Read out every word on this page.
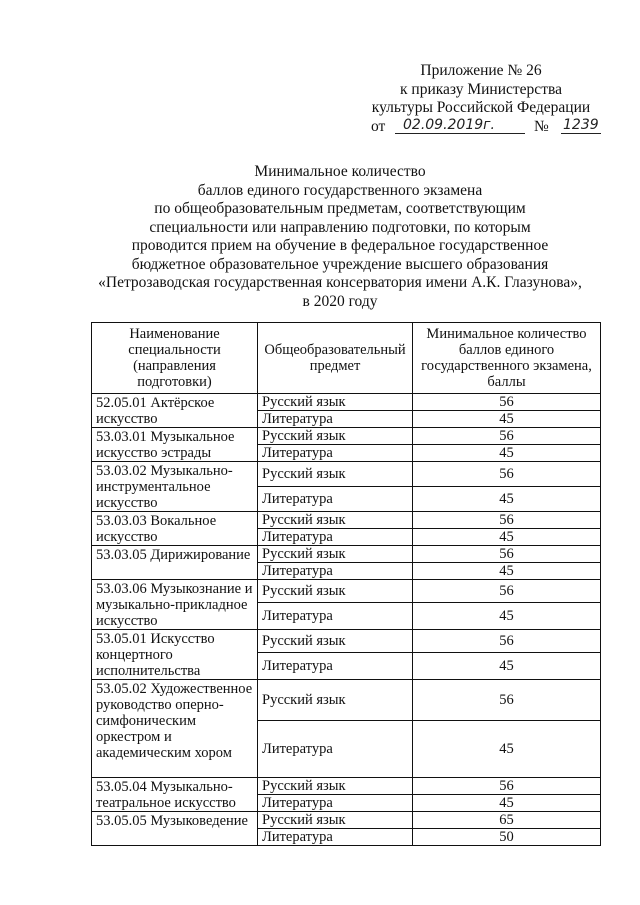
Приложение № 26
к приказу Министерства
культуры Российской Федерации
от	02.09.2019г.	№ 1239
Минимальное количество
баллов единого государственного экзамена
по общеобразовательным предметам, соответствующим
специальности или направлению подготовки, по которым
проводится прием на обучение в федеральное государственное
бюджетное образовательное учреждение высшего образования
«Петрозаводская государственная консерватория имени А.К. Глазунова»,
в 2020 году
Наименование специальности (направления подготовки)	Общеобразовательный предмет	Минимальное количество баллов единого государственного экзамена, баллы
52.05.01 Актёрское искусство	Русский язык	56
	Литература	45
53.03.01 Музыкальное искусство эстрады	Русский язык	56
	Литература	45
53.03.02 Музыкально-инструментальное искусство	Русский язык	56
	Литература	45
53.03.03 Вокальное искусство	Русский язык	56
	Литература	45
53.03.05 Дирижирование	Русский язык	56
	Литература	45
53.03.06 Музыкознание и музыкально-прикладное искусство	Русский язык	56
	Литература	45
53.05.01 Искусство концертного исполнительства	Русский язык	56
	Литература	45
53.05.02 Художественное руководство оперно-симфоническим оркестром и академическим хором	Русский язык	56
	Литература	45
53.05.04 Музыкально-театральное искусство	Русский язык	56
	Литература	45
53.05.05 Музыковедение	Русский язык	65
	Литература	50
